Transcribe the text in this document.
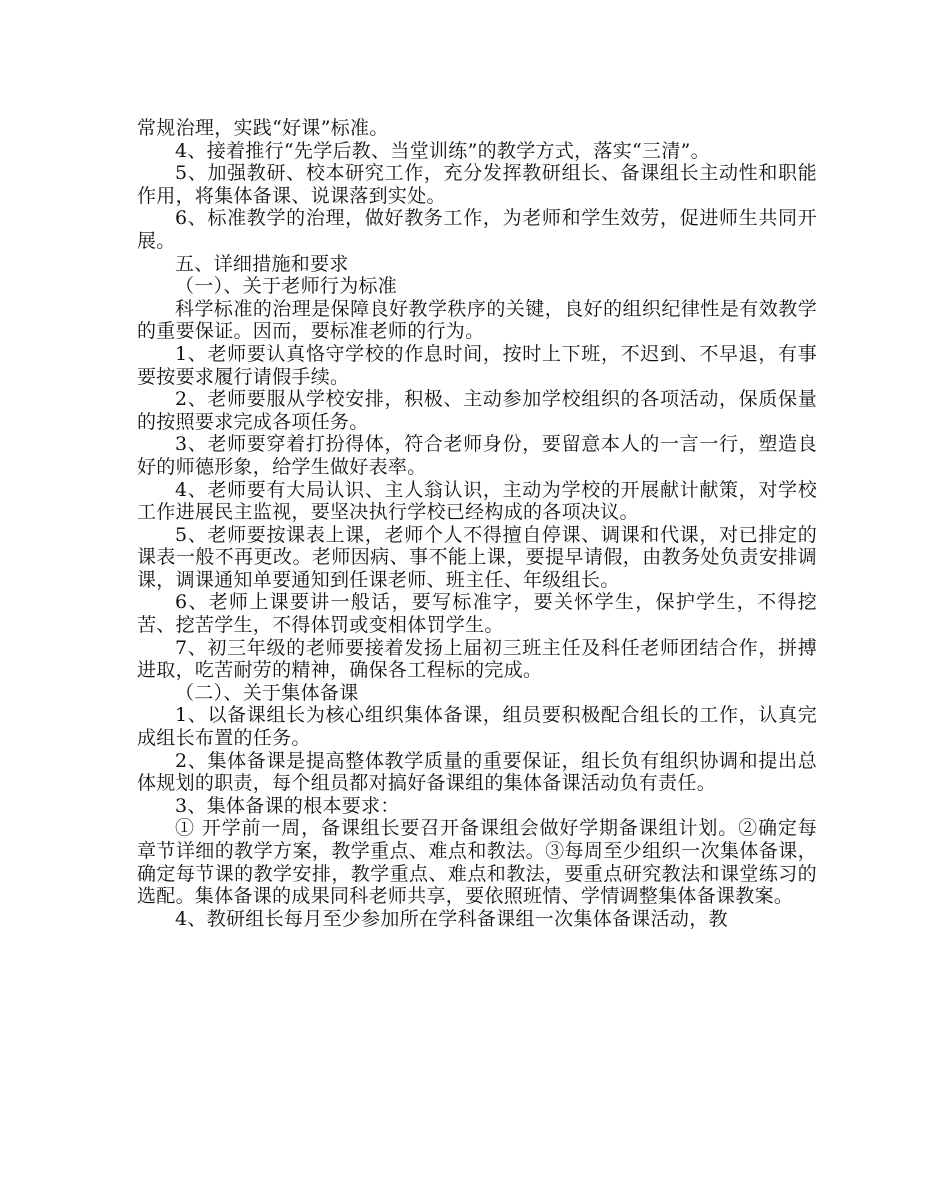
常规治理，实践“好课”标准。

4、接着推行“先学后教、当堂训练”的教学方式，落实“三清”。

5、加强教研、校本研究工作，充分发挥教研组长、备课组长主动性和职能作用，将集体备课、说课落到实处。

6、标准教学的治理，做好教务工作，为老师和学生效劳，促进师生共同开展。

五、详细措施和要求

（一）、关于老师行为标准

科学标准的治理是保障良好教学秩序的关键，良好的组织纪律性是有效教学的重要保证。因而，要标准老师的行为。

1、老师要认真恪守学校的作息时间，按时上下班，不迟到、不早退，有事要按要求履行请假手续。

2、老师要服从学校安排，积极、主动参加学校组织的各项活动，保质保量的按照要求完成各项任务。

3、老师要穿着打扮得体，符合老师身份，要留意本人的一言一行，塑造良好的师德形象，给学生做好表率。

4、老师要有大局认识、主人翁认识，主动为学校的开展献计献策，对学校工作进展民主监视，要坚决执行学校已经构成的各项决议。

5、老师要按课表上课，老师个人不得擅自停课、调课和代课，对已排定的课表一般不再更改。老师因病、事不能上课，要提早请假，由教务处负责安排调课，调课通知单要通知到任课老师、班主任、年级组长。

6、老师上课要讲一般话，要写标准字，要关怀学生，保护学生，不得挖苦、挖苦学生，不得体罚或变相体罚学生。

7、初三年级的老师要接着发扬上届初三班主任及科任老师团结合作，拼搏进取，吃苦耐劳的精神，确保各工程标的完成。

（二）、关于集体备课

1、以备课组长为核心组织集体备课，组员要积极配合组长的工作，认真完成组长布置的任务。

2、集体备课是提高整体教学质量的重要保证，组长负有组织协调和提出总体规划的职责，每个组员都对搞好备课组的集体备课活动负有责任。

3、集体备课的根本要求：

① 开学前一周，备课组长要召开备课组会做好学期备课组计划。②确定每章节详细的教学方案，教学重点、难点和教法。③每周至少组织一次集体备课，确定每节课的教学安排，教学重点、难点和教法，要重点研究教法和课堂练习的选配。集体备课的成果同科老师共享，要依照班情、学情调整集体备课教案。

4、教研组长每月至少参加所在学科备课组一次集体备课活动，教
